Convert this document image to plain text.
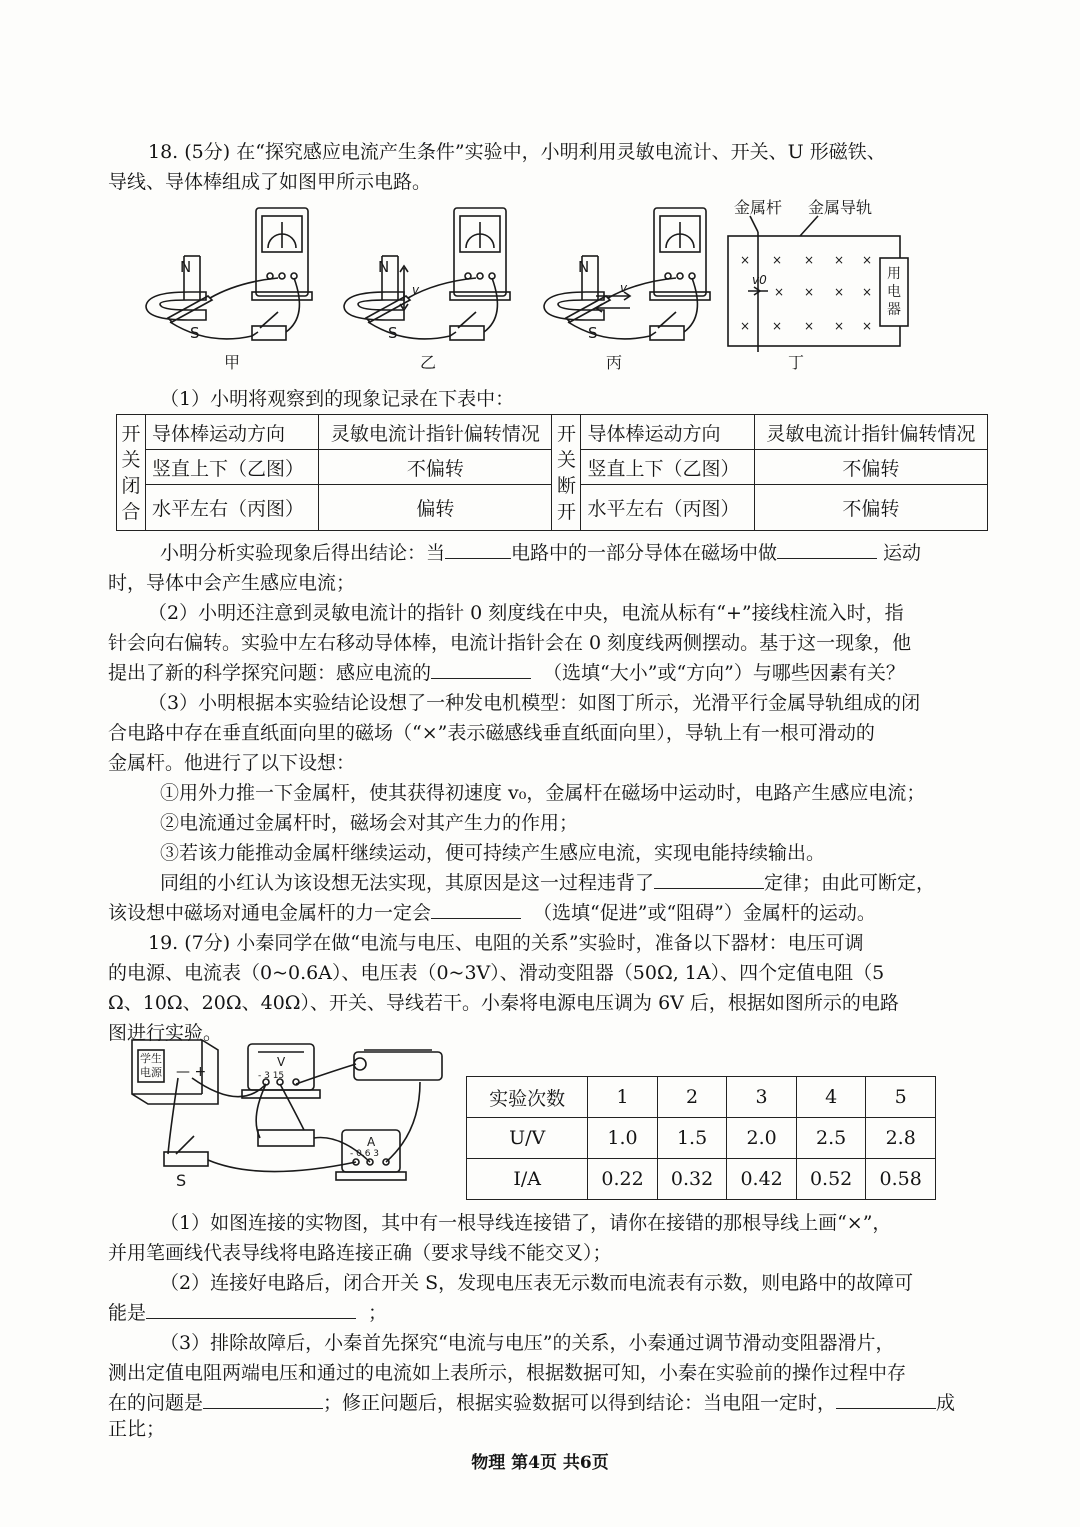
18. (5分) 在“探究感应电流产生条件”实验中，小明利用灵敏电流计、开关、U 形磁铁、
导线、导体棒组成了如图甲所示电路。
N
S
N
S
v
N
S
v
甲	乙	丙	丁
金属杆 金属导轨
v0
× × × × ×
× × × ×
× × × × ×
用
电
器
用电器
（1）小明将观察到的现象记录在下表中：
开关闭合	导体棒运动方向	灵敏电流计指针偏转情况	开关断开	导体棒运动方向	灵敏电流计指针偏转情况
	竖直上下（乙图）	不偏转		竖直上下（乙图）	不偏转
	水平左右（丙图）	偏转		水平左右（丙图）	不偏转
小明分析实验现象后得出结论：当	电路中的一部分导体在磁场中做	运动
时，导体中会产生感应电流；
（2）小明还注意到灵敏电流计的指针 0 刻度线在中央，电流从标有“+”接线柱流入时，指
针会向右偏转。实验中左右移动导体棒，电流计指针会在 0 刻度线两侧摆动。基于这一现象，他
提出了新的科学探究问题：感应电流的	（选填“大小”或“方向”）与哪些因素有关？
（3）小明根据本实验结论设想了一种发电机模型：如图丁所示，光滑平行金属导轨组成的闭
合电路中存在垂直纸面向里的磁场（“×”表示磁感线垂直纸面向里），导轨上有一根可滑动的
金属杆。他进行了以下设想：
①用外力推一下金属杆，使其获得初速度 v₀，金属杆在磁场中运动时，电路产生感应电流；
②电流通过金属杆时，磁场会对其产生力的作用；
③若该力能推动金属杆继续运动，便可持续产生感应电流，实现电能持续输出。
同组的小红认为该设想无法实现，其原因是这一过程违背了	定律；由此可断定，
该设想中磁场对通电金属杆的力一定会	（选填“促进”或“阻碍”）金属杆的运动。
19. (7分) 小秦同学在做“电流与电压、电阻的关系”实验时，准备以下器材：电压可调
的电源、电流表（0~0.6A）、电压表（0~3V）、滑动变阻器（50Ω, 1A）、四个定值电阻（5
Ω、10Ω、20Ω、40Ω）、开关、导线若干。小秦将电源电压调为 6V 后，根据如图所示的电路
图进行实验。
学生
电源 — +
V
- 3 15
A
- 0.6 3
S
实验次数	1	2	3	4	5
U/V	1.0	1.5	2.0	2.5	2.8
I/A	0.22	0.32	0.42	0.52	0.58
（1）如图连接的实物图，其中有一根导线连接错了，请你在接错的那根导线上画“×”，
并用笔画线代表导线将电路连接正确（要求导线不能交叉）；
（2）连接好电路后，闭合开关 S，发现电压表无示数而电流表有示数，则电路中的故障可
能是	；
（3）排除故障后，小秦首先探究“电流与电压”的关系，小秦通过调节滑动变阻器滑片，
测出定值电阻两端电压和通过的电流如上表所示，根据数据可知，小秦在实验前的操作过程中存
在的问题是	；修正问题后，根据实验数据可以得到结论：当电阻一定时，	成
正比；
物理 第4页 共6页
